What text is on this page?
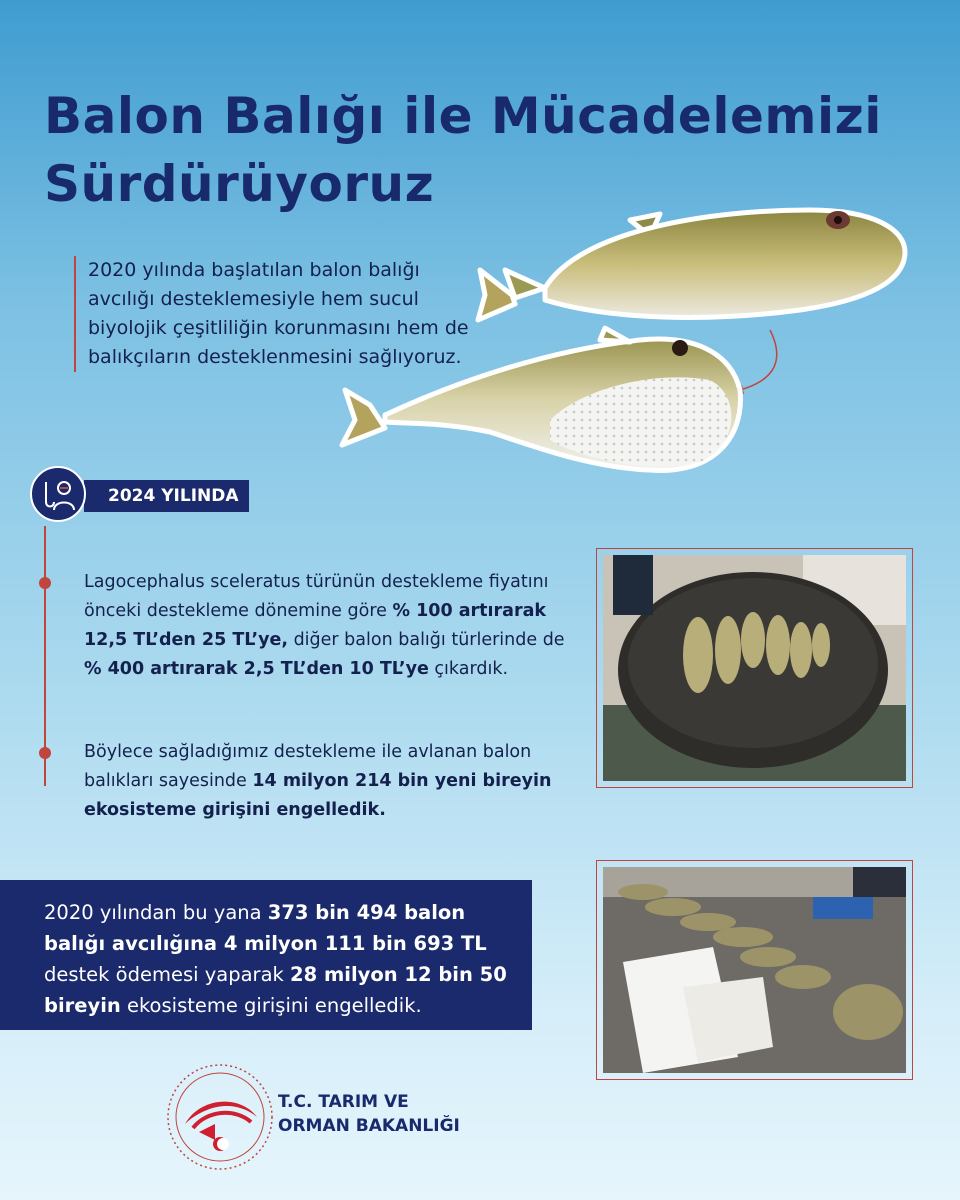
Balon Balığı ile Mücadelemizi
Sürdürüyoruz
2020 yılında başlatılan balon balığı avcılığı desteklemesiyle hem sucul biyolojik çeşitliliğin korunmasını hem de balıkçıların desteklenmesini sağlıyoruz.
2024 YILINDA
Lagocephalus sceleratus türünün destekleme fiyatını önceki destekleme dönemine göre % 100 artırarak 12,5 TL’den 25 TL’ye, diğer balon balığı türlerinde de % 400 artırarak 2,5 TL’den 10 TL’ye çıkardık.
Böylece sağladığımız destekleme ile avlanan balon balıkları sayesinde 14 milyon 214 bin yeni bireyin ekosisteme girişini engelledik.
2020 yılından bu yana 373 bin 494 balon balığı avcılığına 4 milyon 111 bin 693 TL destek ödemesi yaparak 28 milyon 12 bin 50 bireyin ekosisteme girişini engelledik.
T.C. TARIM VE
ORMAN BAKANLIĞI
